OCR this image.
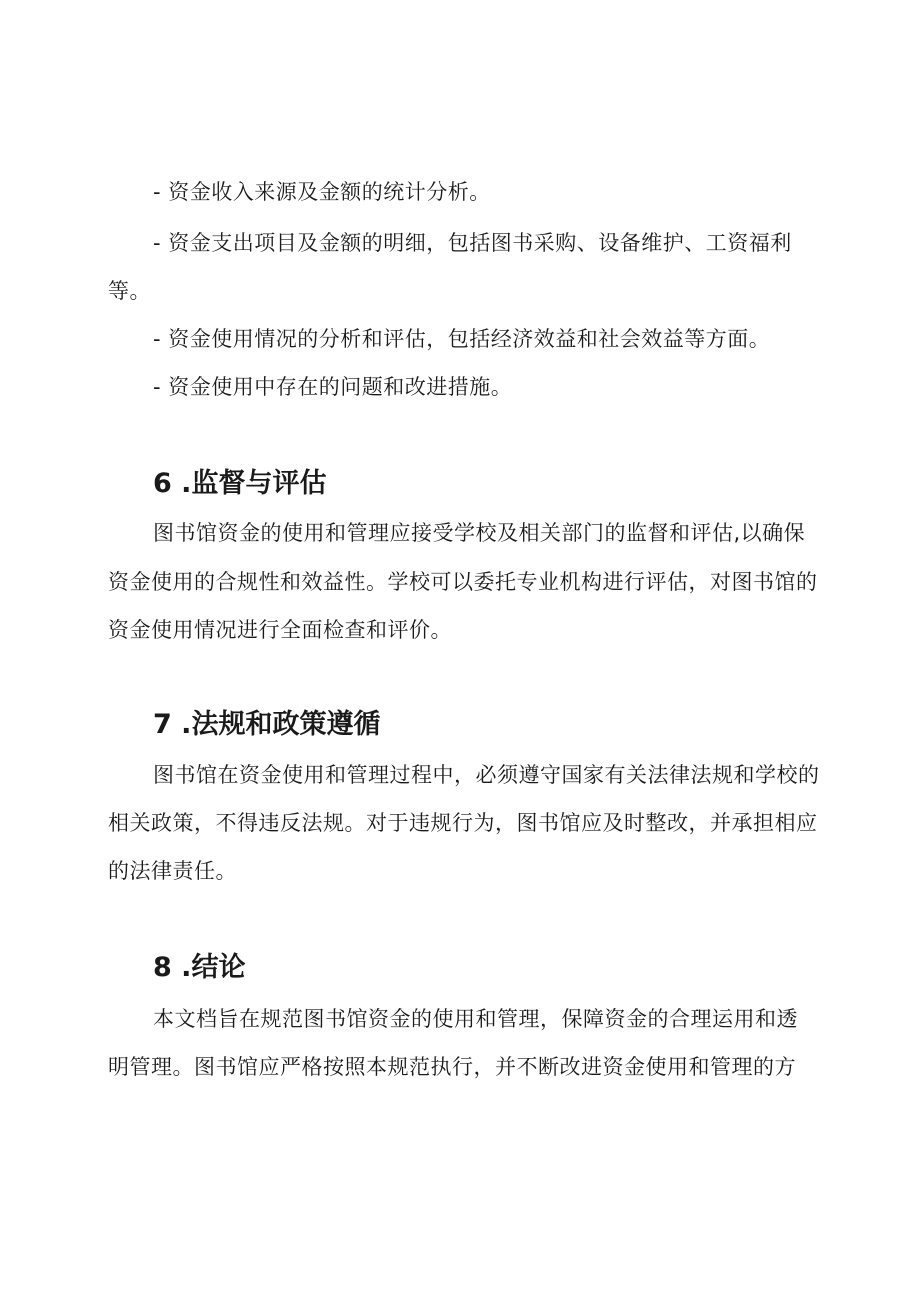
- 资金收入来源及金额的统计分析。
- 资金支出项目及金额的明细，包括图书采购、设备维护、工资福利
等。
- 资金使用情况的分析和评估，包括经济效益和社会效益等方面。
- 资金使用中存在的问题和改进措施。
6 .监督与评估
图书馆资金的使用和管理应接受学校及相关部门的监督和评估,以确保
资金使用的合规性和效益性。学校可以委托专业机构进行评估，对图书馆的
资金使用情况进行全面检查和评价。
7 .法规和政策遵循
图书馆在资金使用和管理过程中，必须遵守国家有关法律法规和学校的
相关政策，不得违反法规。对于违规行为，图书馆应及时整改，并承担相应
的法律责任。
8 .结论
本文档旨在规范图书馆资金的使用和管理，保障资金的合理运用和透
明管理。图书馆应严格按照本规范执行，并不断改进资金使用和管理的方
